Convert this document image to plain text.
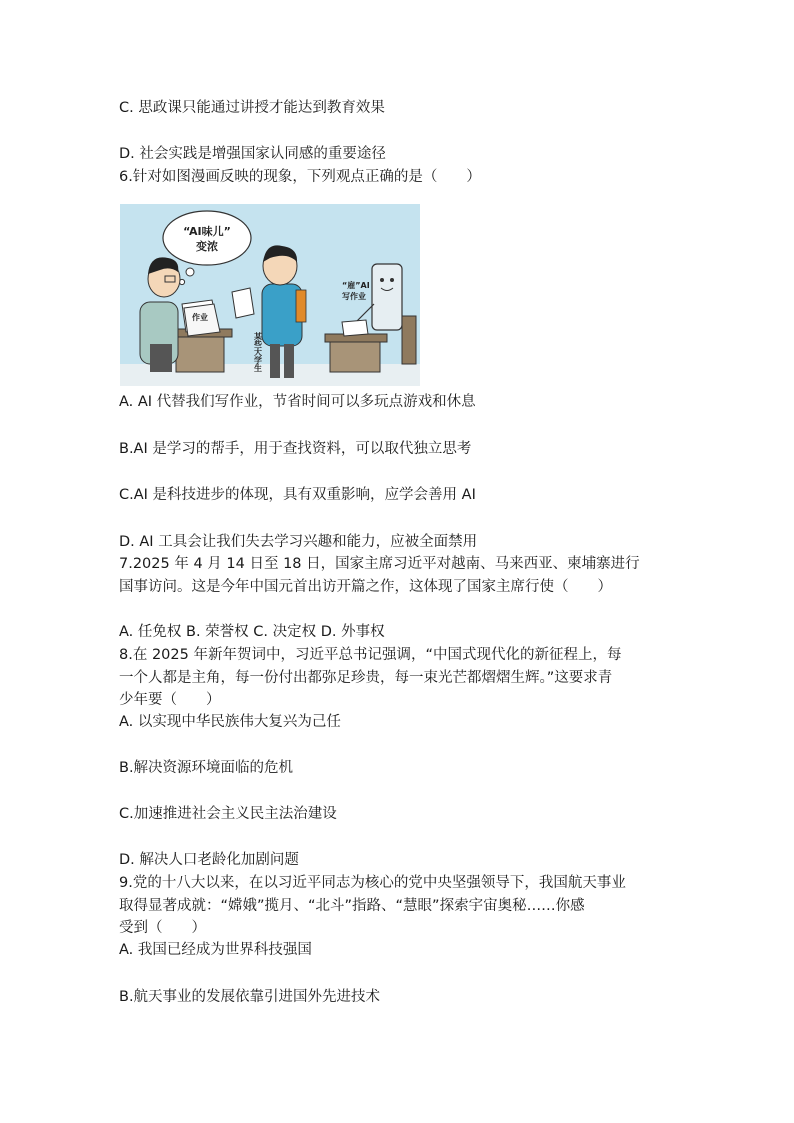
C. 思政课只能通过讲授才能达到教育效果
D. 社会实践是增强国家认同感的重要途径
6.针对如图漫画反映的现象，下列观点正确的是（　　）
“AI味儿”
变浓
作业
某些大学生
“雇”AI
写作业
A. AI 代替我们写作业，节省时间可以多玩点游戏和休息
B.AI 是学习的帮手，用于查找资料，可以取代独立思考
C.AI 是科技进步的体现，具有双重影响，应学会善用 AI
D. AI 工具会让我们失去学习兴趣和能力，应被全面禁用
7.2025 年 4 月 14 日至 18 日，国家主席习近平对越南、马来西亚、柬埔寨进行
国事访问。这是今年中国元首出访开篇之作，这体现了国家主席行使（　　）
A. 任免权 B. 荣誉权 C. 决定权 D. 外事权
8.在 2025 年新年贺词中，习近平总书记强调，“中国式现代化的新征程上，每
一个人都是主角，每一份付出都弥足珍贵，每一束光芒都熠熠生辉。”这要求青
少年要（　　）
A. 以实现中华民族伟大复兴为己任
B.解决资源环境面临的危机
C.加速推进社会主义民主法治建设
D. 解决人口老龄化加剧问题
9.党的十八大以来，在以习近平同志为核心的党中央坚强领导下，我国航天事业
取得显著成就：“嫦娥”揽月、“北斗”指路、“慧眼”探索宇宙奥秘……你感
受到（　　）
A. 我国已经成为世界科技强国
B.航天事业的发展依靠引进国外先进技术
